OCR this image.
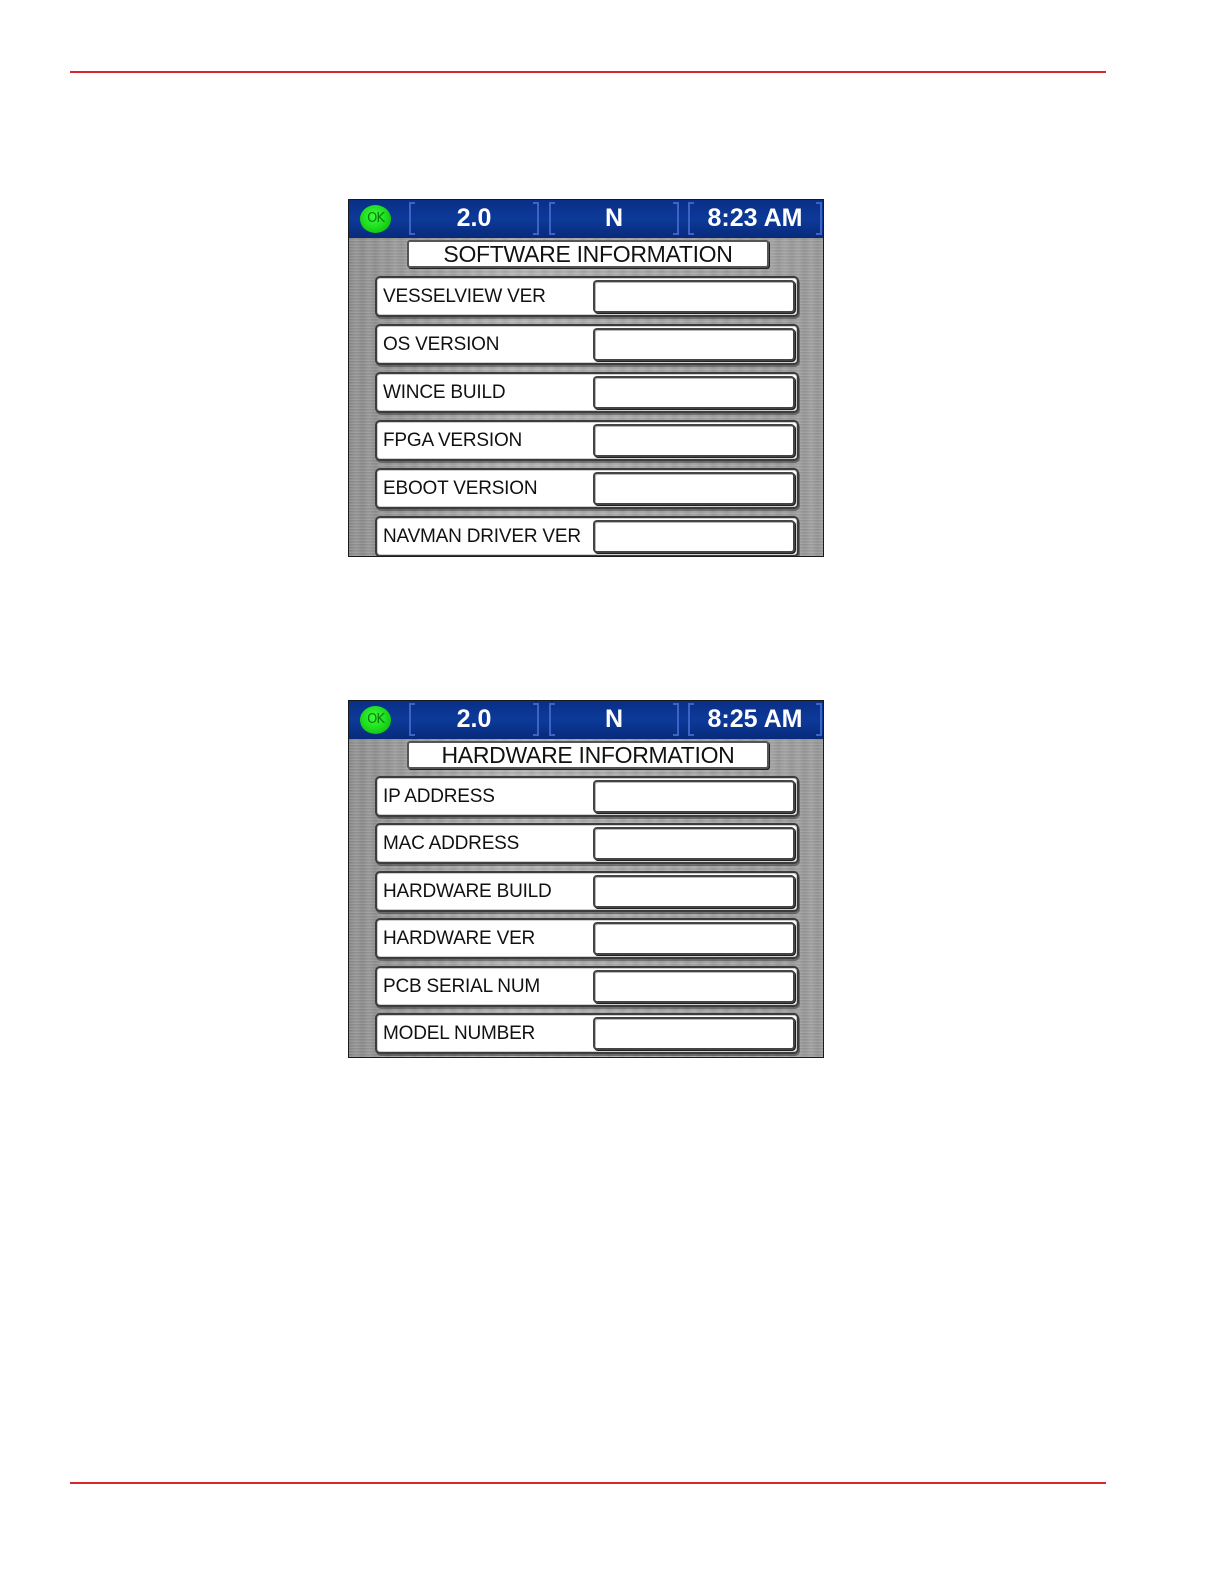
OK	2.0	N	8:23 AM
SOFTWARE INFORMATION
VESSELVIEW VER
OS VERSION
WINCE BUILD
FPGA VERSION
EBOOT VERSION
NAVMAN DRIVER VER
OK	2.0	N	8:25 AM
HARDWARE INFORMATION
IP ADDRESS
MAC ADDRESS
HARDWARE BUILD
HARDWARE VER
PCB SERIAL NUM
MODEL NUMBER
